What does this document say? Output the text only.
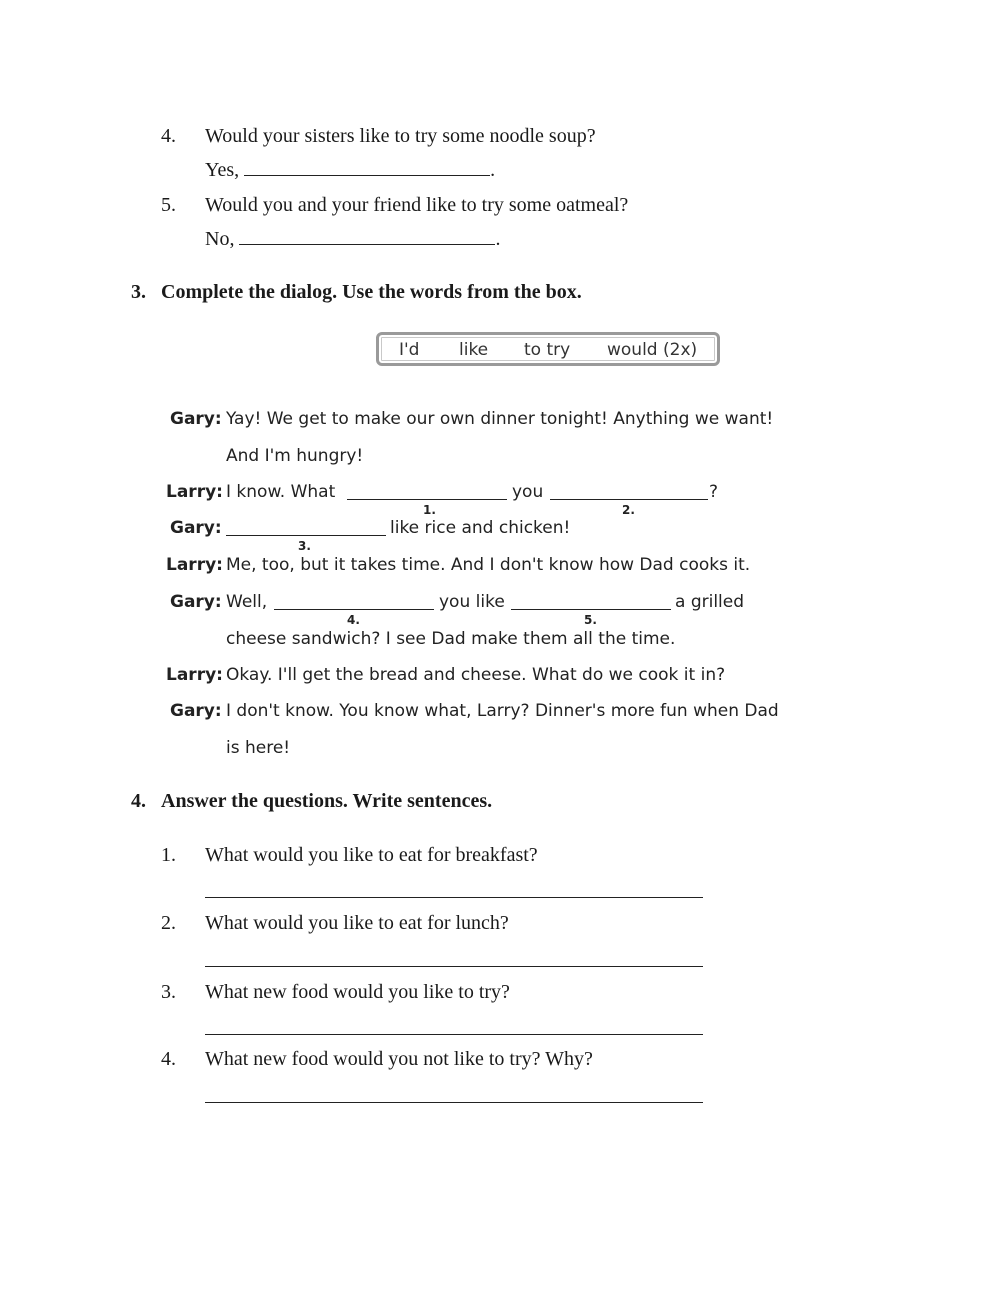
4. Would your sisters like to try some noodle soup?
Yes,	.
5. Would you and your friend like to try some oatmeal?
No,	.
3. Complete the dialog. Use the words from the box.
I'd like to try would (2x)
Gary: Yay! We get to make our own dinner tonight! Anything we want!
And I'm hungry!
Larry: I know. What
1.
you
2.
?
Gary:
3.
like rice and chicken!
Larry: Me, too, but it takes time. And I don't know how Dad cooks it.
Gary: Well,
4.
you like
5.
a grilled
cheese sandwich? I see Dad make them all the time.
Larry: Okay. I'll get the bread and cheese. What do we cook it in?
Gary: I don't know. You know what, Larry? Dinner's more fun when Dad
is here!
4. Answer the questions. Write sentences.
1. What would you like to eat for breakfast?
2. What would you like to eat for lunch?
3. What new food would you like to try?
4. What new food would you not like to try? Why?
